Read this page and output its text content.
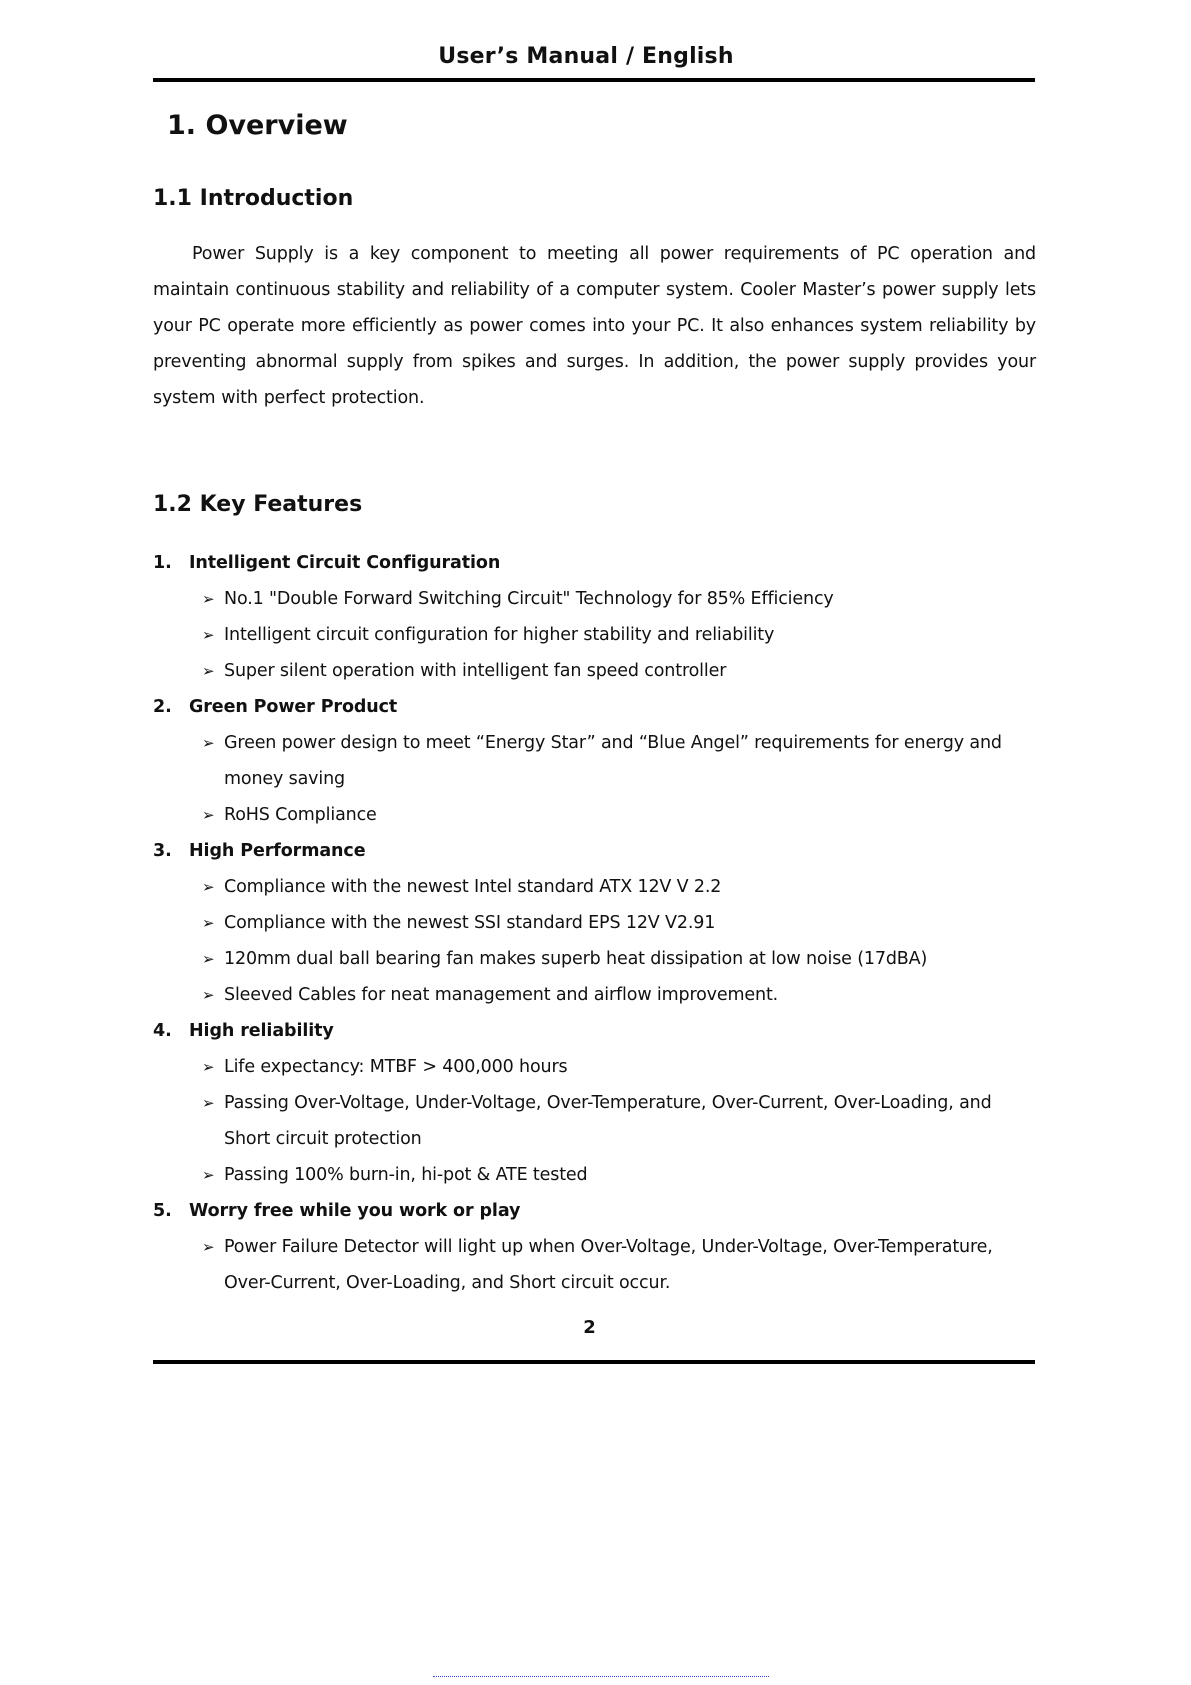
User’s Manual / English
1. Overview
1.1 Introduction

Power Supply is a key component to meeting all power requirements of PC operation and maintain continuous stability and reliability of a computer system. Cooler Master’s power supply lets your PC operate more efficiently as power comes into your PC. It also enhances system reliability by preventing abnormal supply from spikes and surges. In addition, the power supply provides your system with perfect protection.

1.2 Key Features
1. Intelligent Circuit Configuration
➢ No.1 "Double Forward Switching Circuit" Technology for 85% Efficiency
➢ Intelligent circuit configuration for higher stability and reliability
➢ Super silent operation with intelligent fan speed controller
2. Green Power Product
➢ Green power design to meet “Energy Star” and “Blue Angel” requirements for energy and money saving
➢ RoHS Compliance
3. High Performance
➢ Compliance with the newest Intel standard ATX 12V V 2.2
➢ Compliance with the newest SSI standard EPS 12V V2.91
➢ 120mm dual ball bearing fan makes superb heat dissipation at low noise (17dBA)
➢ Sleeved Cables for neat management and airflow improvement.
4. High reliability
➢ Life expectancy: MTBF > 400,000 hours
➢ Passing Over-Voltage, Under-Voltage, Over-Temperature, Over-Current, Over-Loading, and Short circuit protection
➢ Passing 100% burn-in, hi-pot & ATE tested
5. Worry free while you work or play
➢ Power Failure Detector will light up when Over-Voltage, Under-Voltage, Over-Temperature, Over-Current, Over-Loading, and Short circuit occur.
2
